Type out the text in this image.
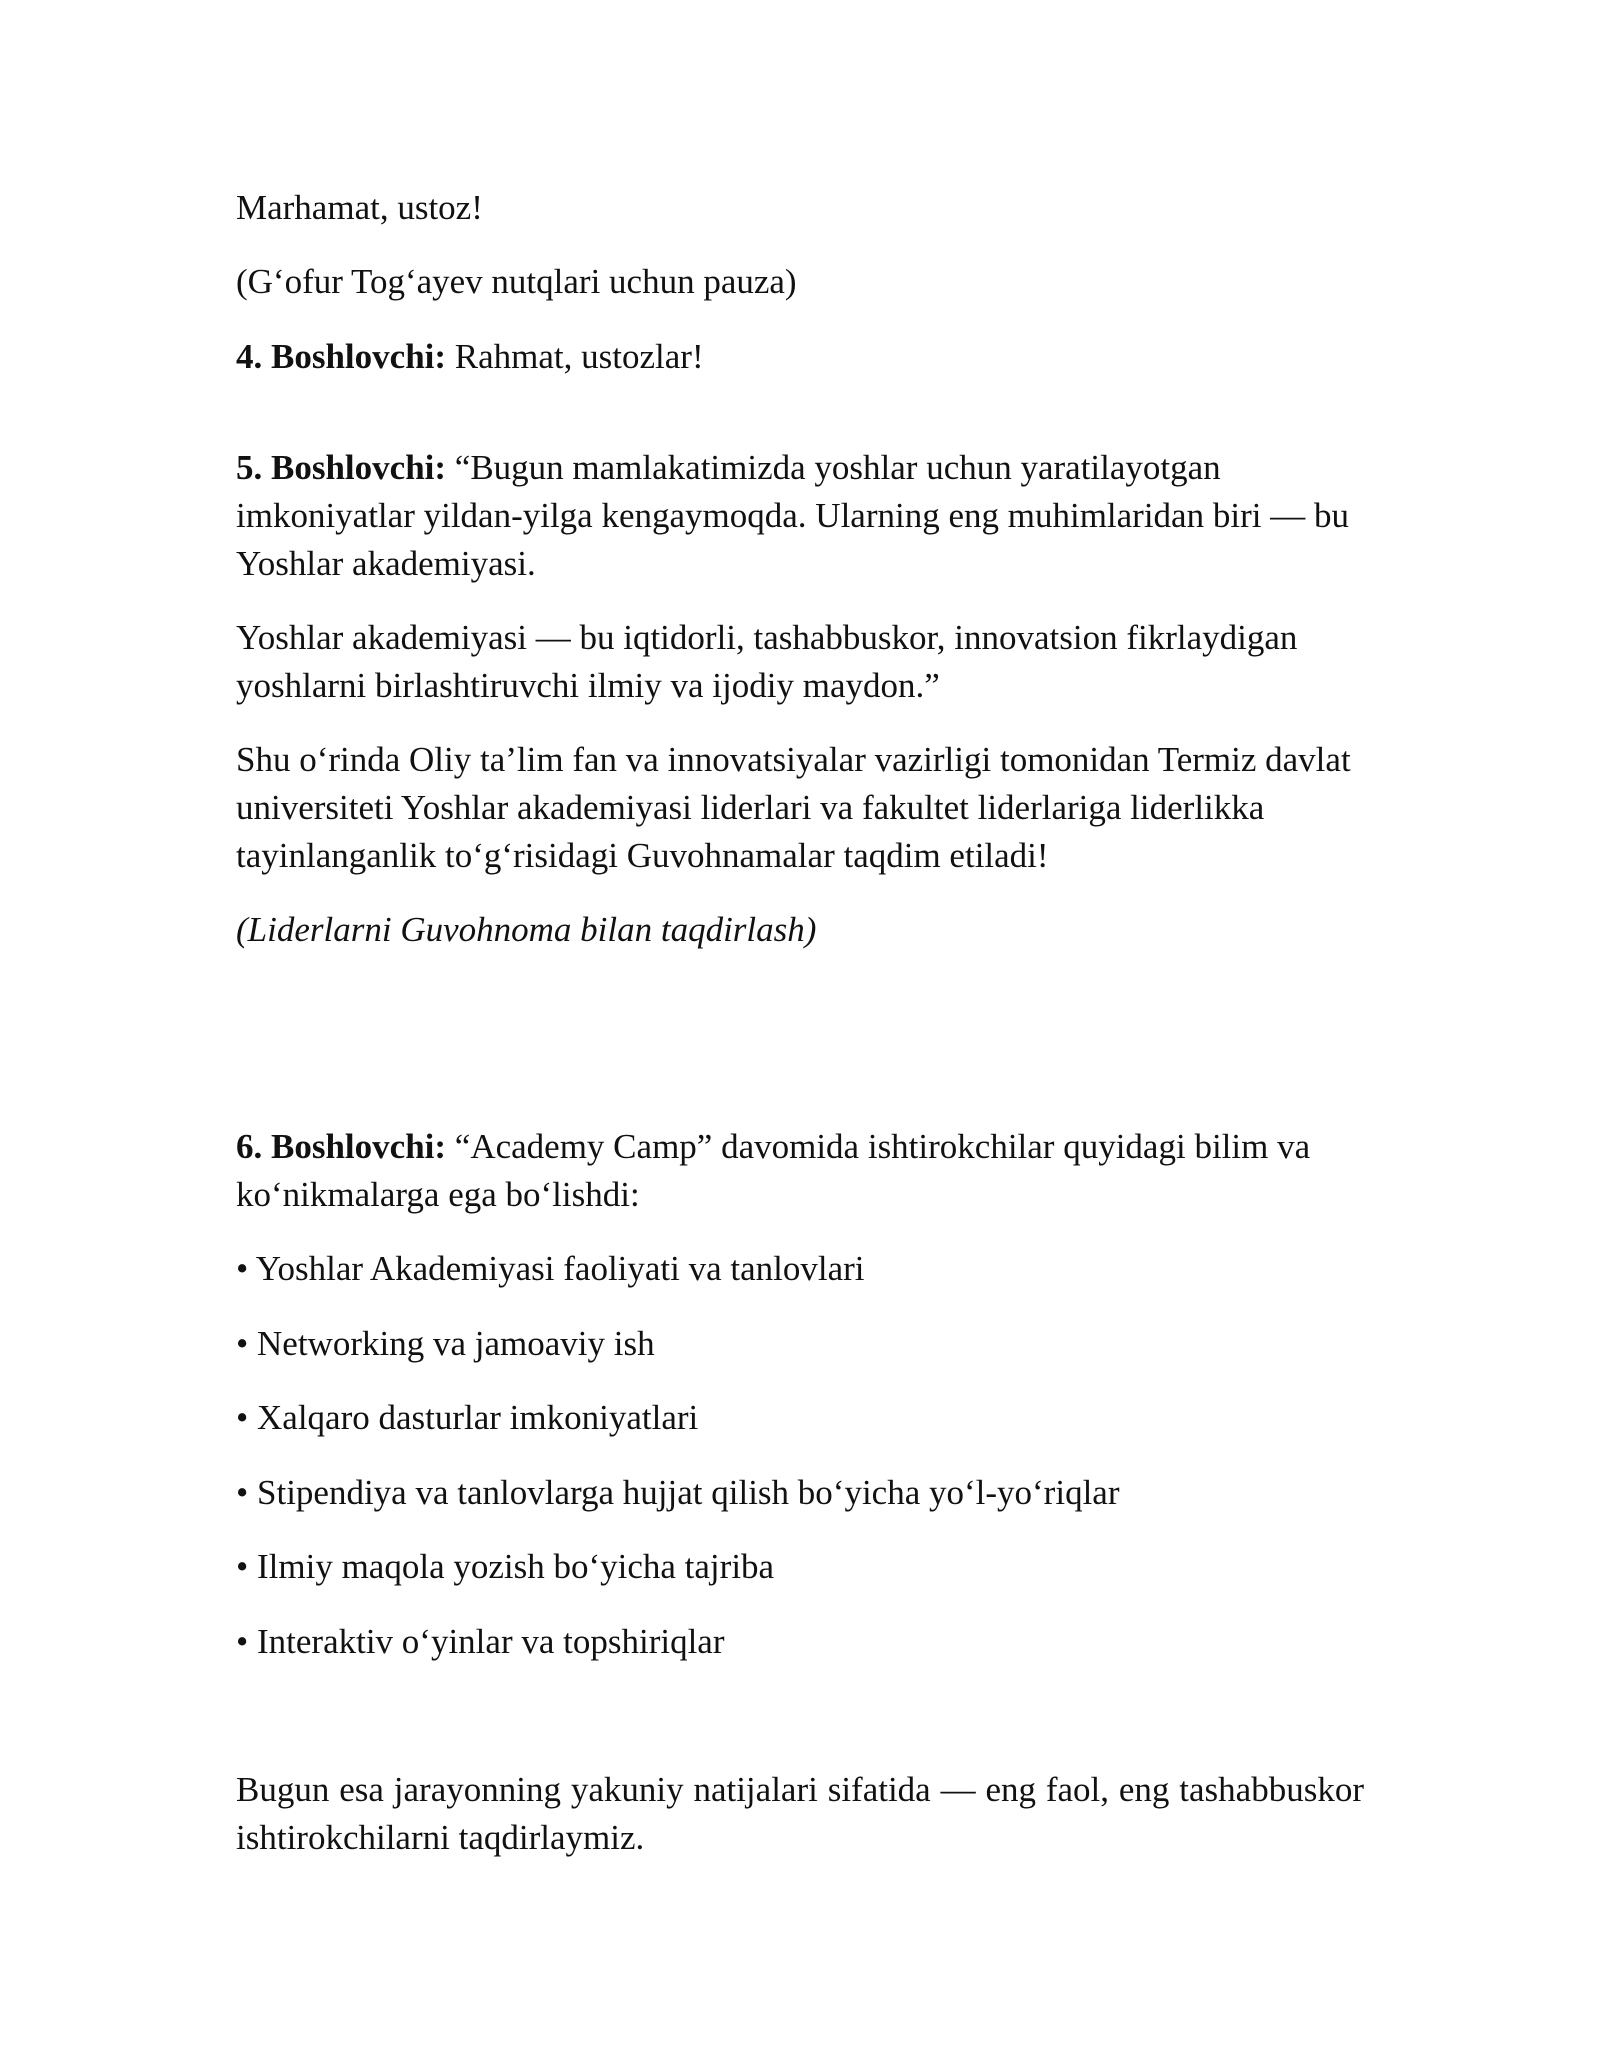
Marhamat, ustoz!

(G‘ofur Tog‘ayev nutqlari uchun pauza)

4. Boshlovchi: Rahmat, ustozlar!

5. Boshlovchi: “Bugun mamlakatimizda yoshlar uchun yaratilayotgan imkoniyatlar yildan-yilga kengaymoqda. Ularning eng muhimlaridan biri — bu Yoshlar akademiyasi.

Yoshlar akademiyasi — bu iqtidorli, tashabbuskor, innovatsion fikrlaydigan yoshlarni birlashtiruvchi ilmiy va ijodiy maydon.”

Shu o‘rinda Oliy ta’lim fan va innovatsiyalar vazirligi tomonidan Termiz davlat universiteti Yoshlar akademiyasi liderlari va fakultet liderlariga liderlikka tayinlanganlik to‘g‘risidagi Guvohnamalar taqdim etiladi!

(Liderlarni Guvohnoma bilan taqdirlash)

6. Boshlovchi: “Academy Camp” davomida ishtirokchilar quyidagi bilim va ko‘nikmalarga ega bo‘lishdi:

• Yoshlar Akademiyasi faoliyati va tanlovlari

• Networking va jamoaviy ish

• Xalqaro dasturlar imkoniyatlari

• Stipendiya va tanlovlarga hujjat qilish bo‘yicha yo‘l-yo‘riqlar

• Ilmiy maqola yozish bo‘yicha tajriba

• Interaktiv o‘yinlar va topshiriqlar

Bugun esa jarayonning yakuniy natijalari sifatida — eng faol, eng tashabbuskor ishtirokchilarni taqdirlaymiz.
